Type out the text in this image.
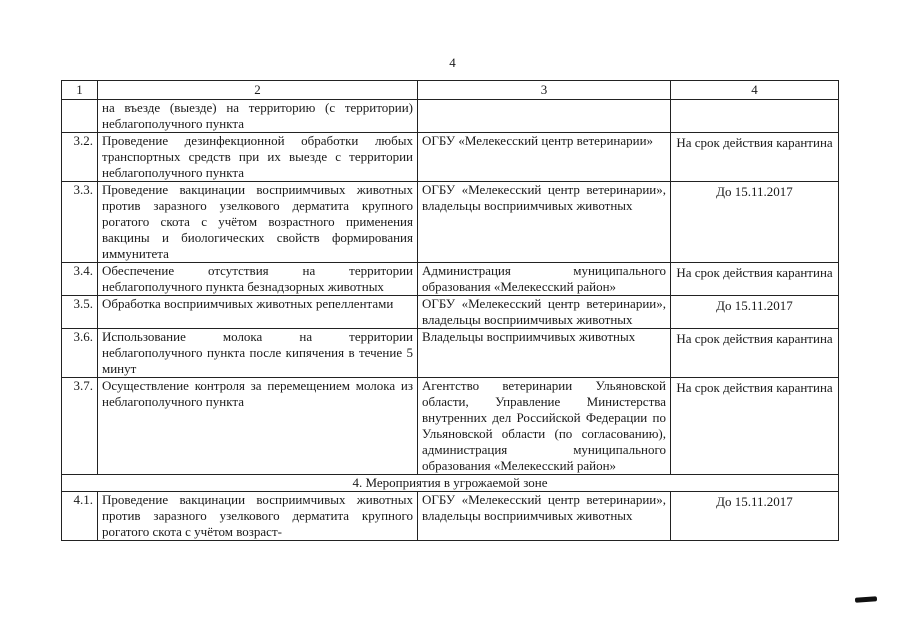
4
1	2	3	4
	на въезде (выезде) на территорию (с территории) неблагополучного пункта		
3.2.	Проведение дезинфекционной обработки любых транспортных средств при их выезде с территории неблагополучного пункта	ОГБУ «Мелекесский центр ветеринарии»	На срок действия карантина
3.3.	Проведение вакцинации восприимчивых животных против заразного узелкового дерматита крупного рогатого скота с учётом возрастного применения вакцины и биологических свойств формирования иммунитета	ОГБУ «Мелекесский центр ветеринарии», владельцы восприимчивых животных	До 15.11.2017
3.4.	Обеспечение отсутствия на территории неблагополучного пункта безнадзорных животных	Администрация муниципального образования «Мелекесский район»	На срок действия карантина
3.5.	Обработка восприимчивых животных репеллентами	ОГБУ «Мелекесский центр ветеринарии», владельцы восприимчивых животных	До 15.11.2017
3.6.	Использование молока на территории неблагополучного пункта после кипячения в течение 5 минут	Владельцы восприимчивых животных	На срок действия карантина
3.7.	Осуществление контроля за перемещением молока из неблагополучного пункта	Агентство ветеринарии Ульяновской области, Управление Министерства внутренних дел Российской Федерации по Ульяновской области (по согласованию), администрация муниципального образования «Мелекесский район»	На срок действия карантина
4. Мероприятия в угрожаемой зоне			
4.1.	Проведение вакцинации восприимчивых животных против заразного узелкового дерматита крупного рогатого скота с учётом возраст-	ОГБУ «Мелекесский центр ветеринарии», владельцы восприимчивых животных	До 15.11.2017
